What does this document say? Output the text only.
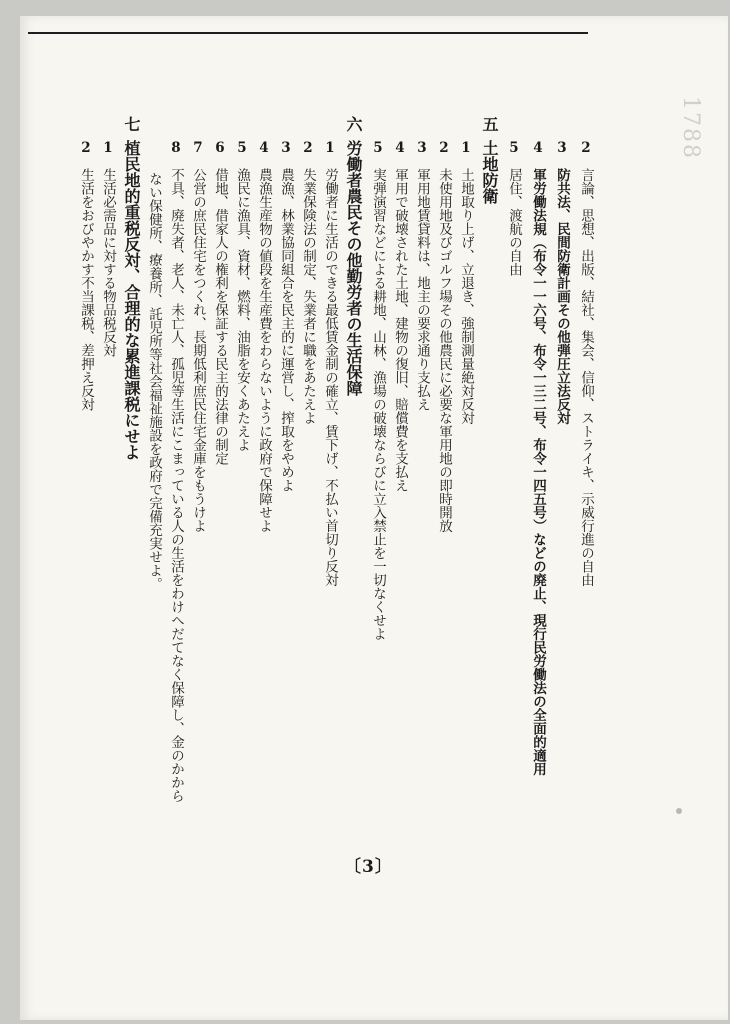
1788
2言論、思想、出版、結社、集会、信仰、ストライキ、示威行進の自由
3防共法、民間防衛計画その他弾圧立法反対
4軍労働法規（布令一一六号、布令一三二号、布令一四五号）などの廃止、現行民労働法の全面的適用
5居住、渡航の自由
五土地防衛
1土地取り上げ、立退き、強制測量絶対反対
2未使用地及びゴルフ場その他農民に必要な軍用地の即時開放
3軍用地賃貸料は、地主の要求通り支払え
4軍用で破壊された土地、建物の復旧、賠償費を支払え
5実弾演習などによる耕地、山林、漁場の破壊ならびに立入禁止を一切なくせよ
六労働者農民その他勤労者の生活保障
1労働者に生活のできる最低賃金制の確立、賃下げ、不払い首切り反対
2失業保険法の制定、失業者に職をあたえよ
3農漁、林業協同組合を民主的に運営し、搾取をやめよ
4農漁生産物の値段を生産費をわらないように政府で保障せよ
5漁民に漁具、資材、燃料、油脂を安くあたえよ
6借地、借家人の権利を保証する民主的法律の制定
7公営の庶民住宅をつくれ、長期低利庶民住宅金庫をもうけよ
8不具、廃失者、老人、未亡人、孤児等生活にこまっている人の生活をわけへだてなく保障し、金のかから
ない保健所、療養所、託児所等社会福祉施設を政府で完備充実せよ。
七植民地的重税反対、合理的な累進課税にせよ
1生活必需品に対する物品税反対
2生活をおびやかす不当課税、差押え反対
〔3〕
